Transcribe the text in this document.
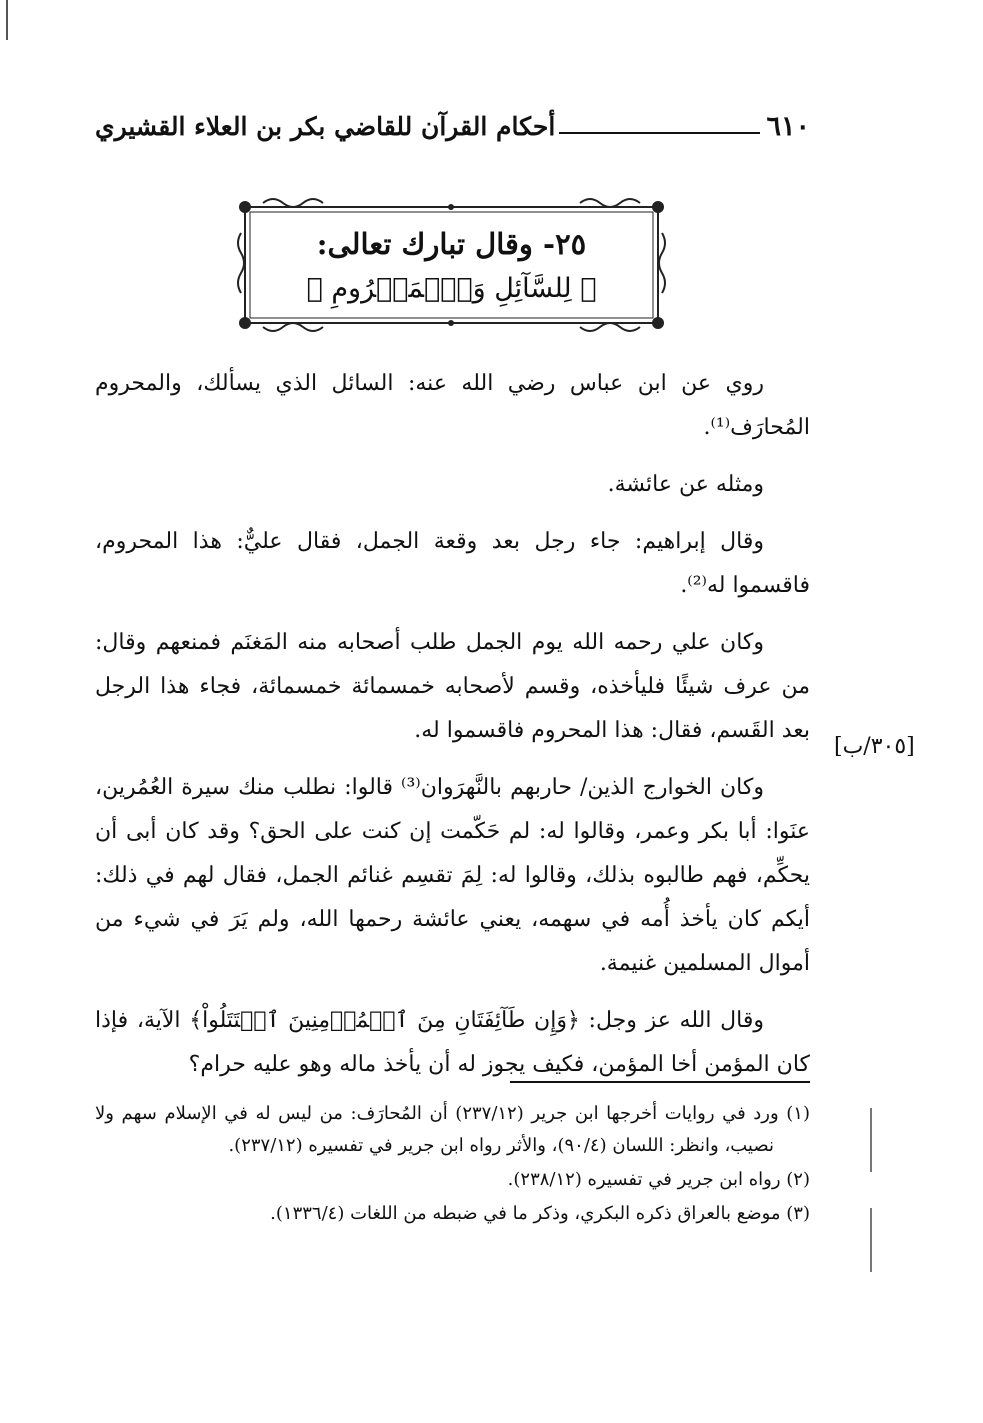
٦١٠
أحكام القرآن للقاضي بكر بن العلاء القشيري
٢٥- وقال تبارك تعالى:
﴿ لِلسَّآئِلِ وَٱلۡمَحۡرُومِ ﴾

روي عن ابن عباس رضي الله عنه: السائل الذي يسألك، والمحروم المُحارَف⁽¹⁾.

ومثله عن عائشة.

وقال إبراهيم: جاء رجل بعد وقعة الجمل، فقال عليٌّ: هذا المحروم، فاقسموا له⁽²⁾.

وكان علي رحمه الله يوم الجمل طلب أصحابه منه المَغنَم فمنعهم وقال: من عرف شيئًا فليأخذه، وقسم لأصحابه خمسمائة خمسمائة، فجاء هذا الرجل بعد القَسم، فقال: هذا المحروم فاقسموا له.

وكان الخوارج الذين/ حاربهم بالنَّهرَوان⁽³⁾ قالوا: نطلب منك سيرة العُمُرين، عنَوا: أبا بكر وعمر، وقالوا له: لم حَكّمت إن كنت على الحق؟ وقد كان أبى أن يحكِّم، فهم طالبوه بذلك، وقالوا له: لِمَ تقسِم غنائم الجمل، فقال لهم في ذلك: أيكم كان يأخذ أُمه في سهمه، يعني عائشة رحمها الله، ولم يَرَ في شيء من أموال المسلمين غنيمة.

وقال الله عز وجل: ﴿وَإِن طَآئِفَتَانِ مِنَ ٱلۡمُؤۡمِنِينَ ٱقۡتَتَلُواْ﴾ الآية، فإذا كان المؤمن أخا المؤمن، فكيف يجوز له أن يأخذ ماله وهو عليه حرام؟

[٣٠٥/ب]

(١) ورد في روايات أخرجها ابن جرير (٢٣٧/١٢) أن المُحارَف: من ليس له في الإسلام سهم ولا نصيب، وانظر: اللسان (٩٠/٤)، والأثر رواه ابن جرير في تفسيره (٢٣٧/١٢).

(٢) رواه ابن جرير في تفسيره (٢٣٨/١٢).

(٣) موضع بالعراق ذكره البكري، وذكر ما في ضبطه من اللغات (١٣٣٦/٤).
